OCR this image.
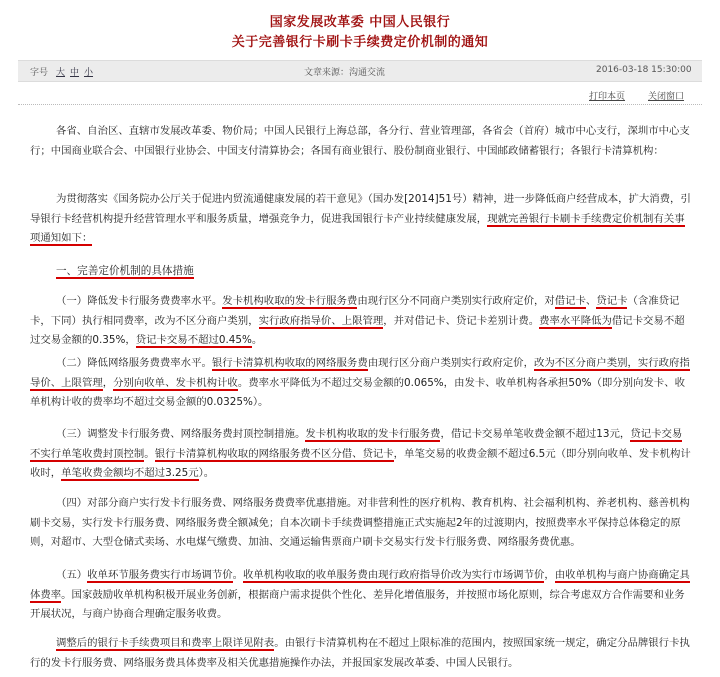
国家发展改革委 中国人民银行
关于完善银行卡刷卡手续费定价机制的通知
字号 大 中 小	文章来源：沟通交流	2016-03-18 15:30:00
打印本页	关闭窗口

各省、自治区、直辖市发展改革委、物价局；中国人民银行上海总部，各分行、营业管理部，各省会（首府）城市中心支行，深圳市中心支行；中国商业联合会、中国银行业协会、中国支付清算协会；各国有商业银行、股份制商业银行、中国邮政储蓄银行；各银行卡清算机构：

为贯彻落实《国务院办公厅关于促进内贸流通健康发展的若干意见》（国办发[2014]51号）精神，进一步降低商户经营成本，扩大消费，引导银行卡经营机构提升经营管理水平和服务质量，增强竞争力，促进我国银行卡产业持续健康发展，现就完善银行卡刷卡手续费定价机制有关事项通知如下：

一、完善定价机制的具体措施

（一）降低发卡行服务费费率水平。发卡机构收取的发卡行服务费由现行区分不同商户类别实行政府定价，对借记卡、贷记卡（含准贷记卡，下同）执行相同费率，改为不区分商户类别，实行政府指导价、上限管理，并对借记卡、贷记卡差别计费。费率水平降低为借记卡交易不超过交易金额的0.35%，贷记卡交易不超过0.45%。

（二）降低网络服务费费率水平。银行卡清算机构收取的网络服务费由现行区分商户类别实行政府定价，改为不区分商户类别，实行政府指导价、上限管理，分别向收单、发卡机构计收。费率水平降低为不超过交易金额的0.065%，由发卡、收单机构各承担50%（即分别向发卡、收单机构计收的费率均不超过交易金额的0.0325%）。

（三）调整发卡行服务费、网络服务费封顶控制措施。发卡机构收取的发卡行服务费，借记卡交易单笔收费金额不超过13元，贷记卡交易不实行单笔收费封顶控制。银行卡清算机构收取的网络服务费不区分借、贷记卡，单笔交易的收费金额不超过6.5元（即分别向收单、发卡机构计收时，单笔收费金额均不超过3.25元）。

（四）对部分商户实行发卡行服务费、网络服务费费率优惠措施。对非营利性的医疗机构、教育机构、社会福利机构、养老机构、慈善机构刷卡交易，实行发卡行服务费、网络服务费全额减免；自本次刷卡手续费调整措施正式实施起2年的过渡期内，按照费率水平保持总体稳定的原则，对超市、大型仓储式卖场、水电煤气缴费、加油、交通运输售票商户刷卡交易实行发卡行服务费、网络服务费优惠。

（五）收单环节服务费实行市场调节价。收单机构收取的收单服务费由现行政府指导价改为实行市场调节价，由收单机构与商户协商确定具体费率。国家鼓励收单机构积极开展业务创新，根据商户需求提供个性化、差异化增值服务，并按照市场化原则，综合考虑双方合作需要和业务开展状况，与商户协商合理确定服务收费。

调整后的银行卡手续费项目和费率上限详见附表。由银行卡清算机构在不超过上限标准的范围内，按照国家统一规定，确定分品牌银行卡执行的发卡行服务费、网络服务费具体费率及相关优惠措施操作办法，并报国家发展改革委、中国人民银行。
